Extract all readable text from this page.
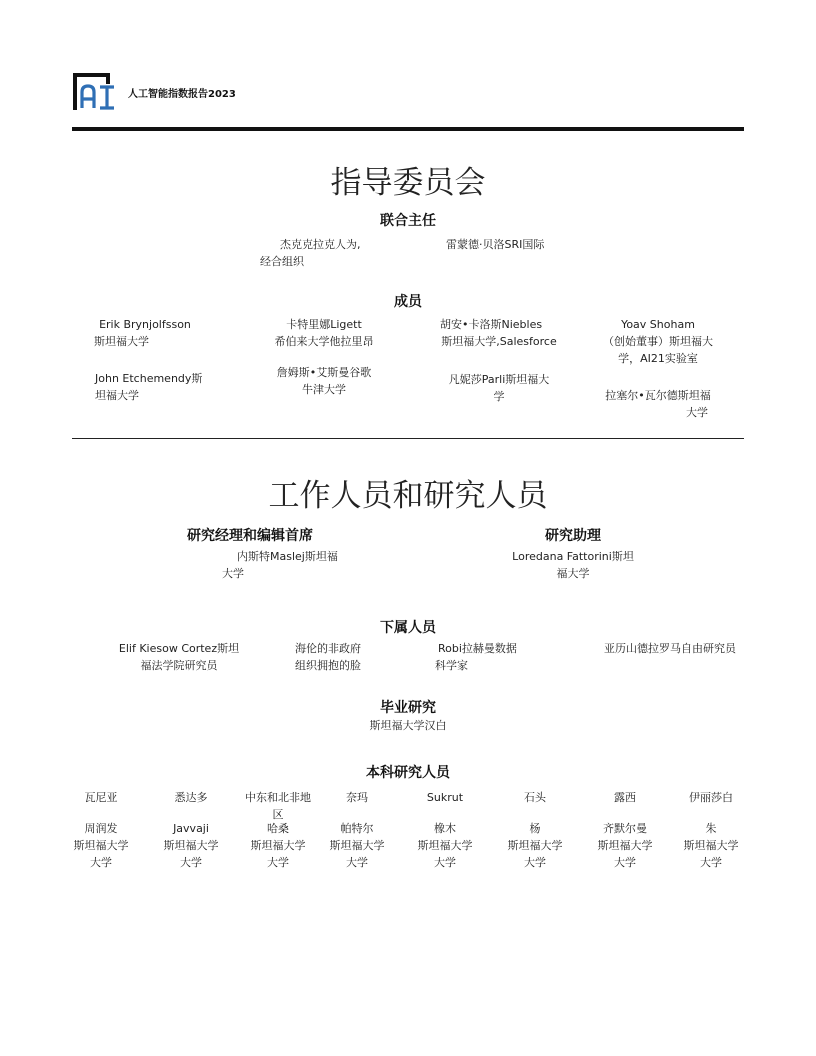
人工智能指数报告2023
指导委员会
联合主任
杰克克拉克人为,
经合组织
雷蒙德·贝洛SRI国际
成员
Erik Brynjolfsson
斯坦福大学
卡特里娜Ligett
希伯来大学他拉里昂
胡安•卡洛斯Niebles
斯坦福大学,Salesforce
Yoav Shoham
（创始董事）斯坦福大
学，AI21实验室
John Etchemendy斯
坦福大学
詹姆斯•艾斯曼谷歌
牛津大学
凡妮莎Parli斯坦福大
学	拉塞尔•瓦尔德斯坦福
大学
工作人员和研究人员
研究经理和编辑首席
内斯特Maslej斯坦福
大学
研究助理
Loredana Fattorini斯坦
福大学
下属人员
Elif Kiesow Cortez斯坦
福法学院研究员
海伦的非政府
组织拥抱的脸
Robi拉赫曼数据
科学家
亚历山德拉罗马自由研究员
毕业研究
斯坦福大学汉白
本科研究人员
瓦尼亚
周润发
斯坦福大学
大学
悉达多
Javvaji
斯坦福大学
大学
中东和北非地
区
哈桑
斯坦福大学
大学
奈玛
帕特尔
斯坦福大学
大学
Sukrut
橡木
斯坦福大学
大学
石头
杨
斯坦福大学
大学
露西
齐默尔曼
斯坦福大学
大学
伊丽莎白
朱
斯坦福大学
大学
